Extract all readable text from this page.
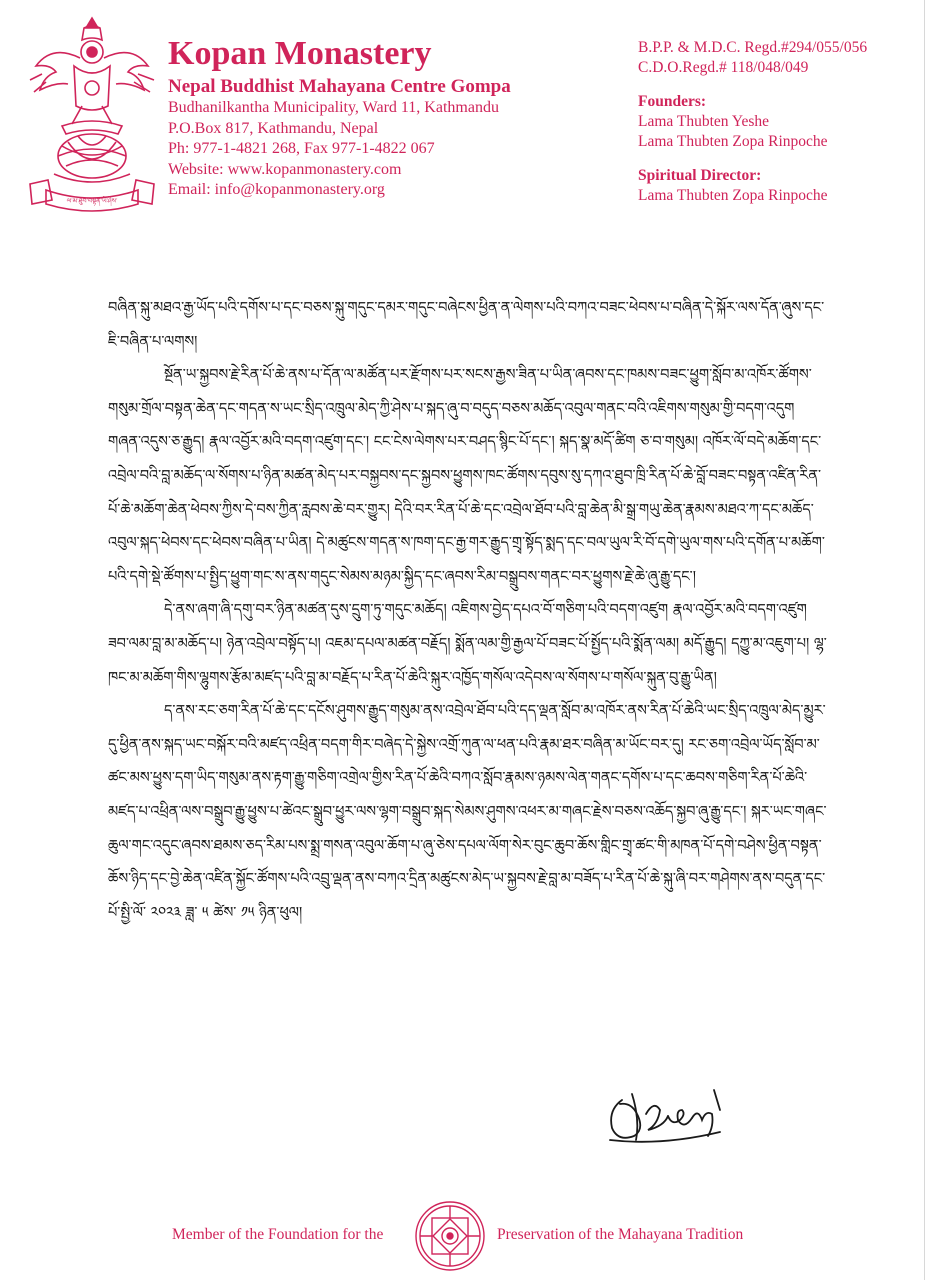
ལ་མ་ཐུབ་བསྟན་ཡེ་ཤེས་
Kopan Monastery
Nepal Buddhist Mahayana Centre Gompa
Budhanilkantha Municipality, Ward 11, Kathmandu
P.O.Box 817, Kathmandu, Nepal
Ph: 977-1-4821 268, Fax 977-1-4822 067
Website: www.kopanmonastery.com
Email: info@kopanmonastery.org
B.P.P. & M.D.C. Regd.#294/055/056
C.D.O.Regd.# 118/048/049
Founders:
Lama Thubten Yeshe
Lama Thubten Zopa Rinpoche
Spiritual Director:
Lama Thubten Zopa Rinpoche

བཞིན་སྐུ་མཐའ་རྒྱ་ཡོད་པའི་དགོས་པ་དང་བཅས་སྐུ་གདུང་དམར་གདུང་བཞེངས་ཕྱིན་ན་ལེགས་པའི་བཀའ་བཟང་ཕེབས་པ་བཞིན་དེ་སྐོར་ལས་དོན་ཞུས་དང་ཇི་བཞིན་པ་ལགས།

སྔོན་ཡ་སྐྱབས་རྗེ་རིན་པོ་ཆེ་ནས་པ་དོན་ལ་མཚོན་པར་རྫོགས་པར་སངས་རྒྱས་ཟིན་པ་ཡིན་ཞབས་དང་ཁམས་བཟང་ཕྱུག་སློབ་མ་འཁོར་ཚོགས་གསུམ་གྲོལ་བསྟན་ཆེན་དང་གདན་ས་ཡང་སྲིད་འཁྲུལ་མེད་ཀྱི་ཤེས་པ་སྐད་ཞུ་བ་བདུད་བཅས་མཆོད་འབུལ་གནང་བའི་འཇིགས་གསུམ་གྱི་བདག་འདུག གཞན་འདུས་ཅ་རྒྱུད། རྣལ་འབྱོར་མའི་བདག་འཛུག་དང་། ངང་ངེས་ལེགས་པར་བཤད་སྙིང་པོ་དང་། སྐད་སྣ་མདོ་ཚིག ཅ་བ་གསུམ། འཁོར་ལོ་བདེ་མཆོག་དང་འབྲེལ་བའི་བླ་མཆོད་ལ་སོགས་པ་ཉིན་མཚན་མེད་པར་བསྐྱབས་དང་སྐྱབས་ཕྱུགས་ཁང་ཚོགས་དབུས་སུ་དཀའ་ཐུབ་ཁྲི་རིན་པོ་ཆེ་བློ་བཟང་བསྟན་འཛིན་རིན་པོ་ཆེ་མཆོག་ཆེན་ཕེབས་ཀྱིས་དེ་བས་ཀྱིན་རླབས་ཆེ་བར་གྱུར། དེའི་བར་རིན་པོ་ཆེ་དང་འབྲེལ་ཐོབ་པའི་བླ་ཆེན་མི་སྒྲ་གཡུ་ཆེན་རྣམས་མཐའ་ཀ་དང་མཆོད་འབུལ་སྐད་ཕེབས་དང་ཕེབས་བཞིན་པ་ཡིན། དེ་མཚུངས་གདན་ས་ཁག་དང་རྒྱ་གར་རྒྱུད་གྲྭ་སྟོད་སྨད་དང་བལ་ཡུལ་རི་བོ་དགེ་ཡུལ་གས་པའི་དགོན་པ་མཆོག་པའི་དགེ་སྡེ་ཚོགས་པ་སྤྱིད་ཕྱུག་གང་ས་ནས་གདུང་སེམས་མཉམ་སྐྱིད་དང་ཞབས་རིམ་བསྒྲུབས་གནང་བར་ཕྱུགས་རྗེ་ཆེ་ཞུ་རྒྱུ་དང་།

དེ་ནས་ཞག་ཞི་དགུ་བར་ཉིན་མཚན་དུས་དྲུག་ཏུ་གདུང་མཆོད། འཇིགས་བྱེད་དཔའ་བོ་གཅིག་པའི་བདག་འཛུག རྣལ་འབྱོར་མའི་བདག་འཛུག ཟབ་ལམ་བླ་མ་མཆོད་པ། ཉེན་འབྲེལ་བསྟོད་པ། འཇམ་དཔལ་མཚན་བརྗོད། སྨོན་ལམ་གྱི་རྒྱལ་པོ་བཟང་པོ་སྤྱོད་པའི་སྨོན་ལམ། མདོ་རྒྱུད། དཀྱུ་མ་འཇུག་པ། ལྷ་ཁང་མ་མཆོག་གིས་ལྷུགས་རྩོམ་མཛད་པའི་བླ་མ་བརྗོད་པ་རིན་པོ་ཆེའི་སྐུར་འཁྱོད་གསོལ་འདེབས་ལ་སོགས་པ་གསོལ་སྐུན་བུ་རྒྱུ་ཡིན།

ད་ནས་རང་ཅག་རིན་པོ་ཆེ་དང་དངོས་ཤུགས་རྒྱུད་གསུམ་ནས་འབྲེལ་ཐོབ་པའི་དད་ལྡན་སློབ་མ་འཁོར་ནས་རིན་པོ་ཆེའི་ཡང་སྲིད་འཁྲུལ་མེད་མྱུར་དུ་ཕྱིན་ནས་སྐད་ཡང་བསྐོར་བའི་མཛད་འཕྲིན་བདག་གིར་བཞེད་དེ་སྐྱེས་འགྲོ་ཀུན་ལ་ཕན་པའི་རྣམ་ཐར་བཞིན་མ་ཡོང་བར་དུ། རང་ཅག་འབྲེལ་ཡོད་སློབ་མ་ཚང་མས་ཕྱུས་དག་ཡིད་གསུམ་ནས་རྟག་རྒྱུ་གཅིག་འགྲེལ་གྱིས་རིན་པོ་ཆེའི་བཀའ་སློབ་རྣམས་ཉམས་ལེན་གནང་དགོས་པ་དང་ཆབས་གཅིག་རིན་པོ་ཆེའི་མཛད་པ་འཕྲིན་ལས་བསྒྲུབ་རྒྱུ་ཕྱུས་པ་ཚེའང་སྒྲུབ་ཕྱུར་ལས་ལྷག་བསྒྲུབ་སྐད་སེམས་ཤུགས་འཕར་མ་གཞང་རྗེས་བཅས་འཆོད་སྐྱབ་ཞུ་རྒྱུ་དང་། སྐར་ཡང་གཞང་ཆུལ་གང་འདུང་ཞབས་ཐམས་ཅད་རིམ་པས་སྨྲ་གསན་འབུལ་ཆོག་པ་ཞུ་ཅེས་དཔལ་ལོག་སེར་བུང་ཆུབ་ཆོས་གླིང་གྲྭ་ཚང་གི་མཁན་པོ་དགེ་བཤེས་ཕྱིན་བསྟན་ཆོས་ཉིད་དང་བྱེ་ཆེན་འཛིན་སྐྱོང་ཚོགས་པའི་འབྲུ་ལྡན་ནས་བཀའ་དྲིན་མཚུངས་མེད་ཡ་སྐྱབས་རྗེ་བླ་མ་བཟོད་པ་རིན་པོ་ཆེ་སྐུ་ཞི་བར་གཤེགས་ནས་བདུན་དང་པོ་སྤྱི་ལོ་ ༢༠༢༣ ཟླ་ ༥ ཚེས་ ༡༥ ཉིན་ཕུལ།

Member of the Foundation for the	Preservation of the Mahayana Tradition
